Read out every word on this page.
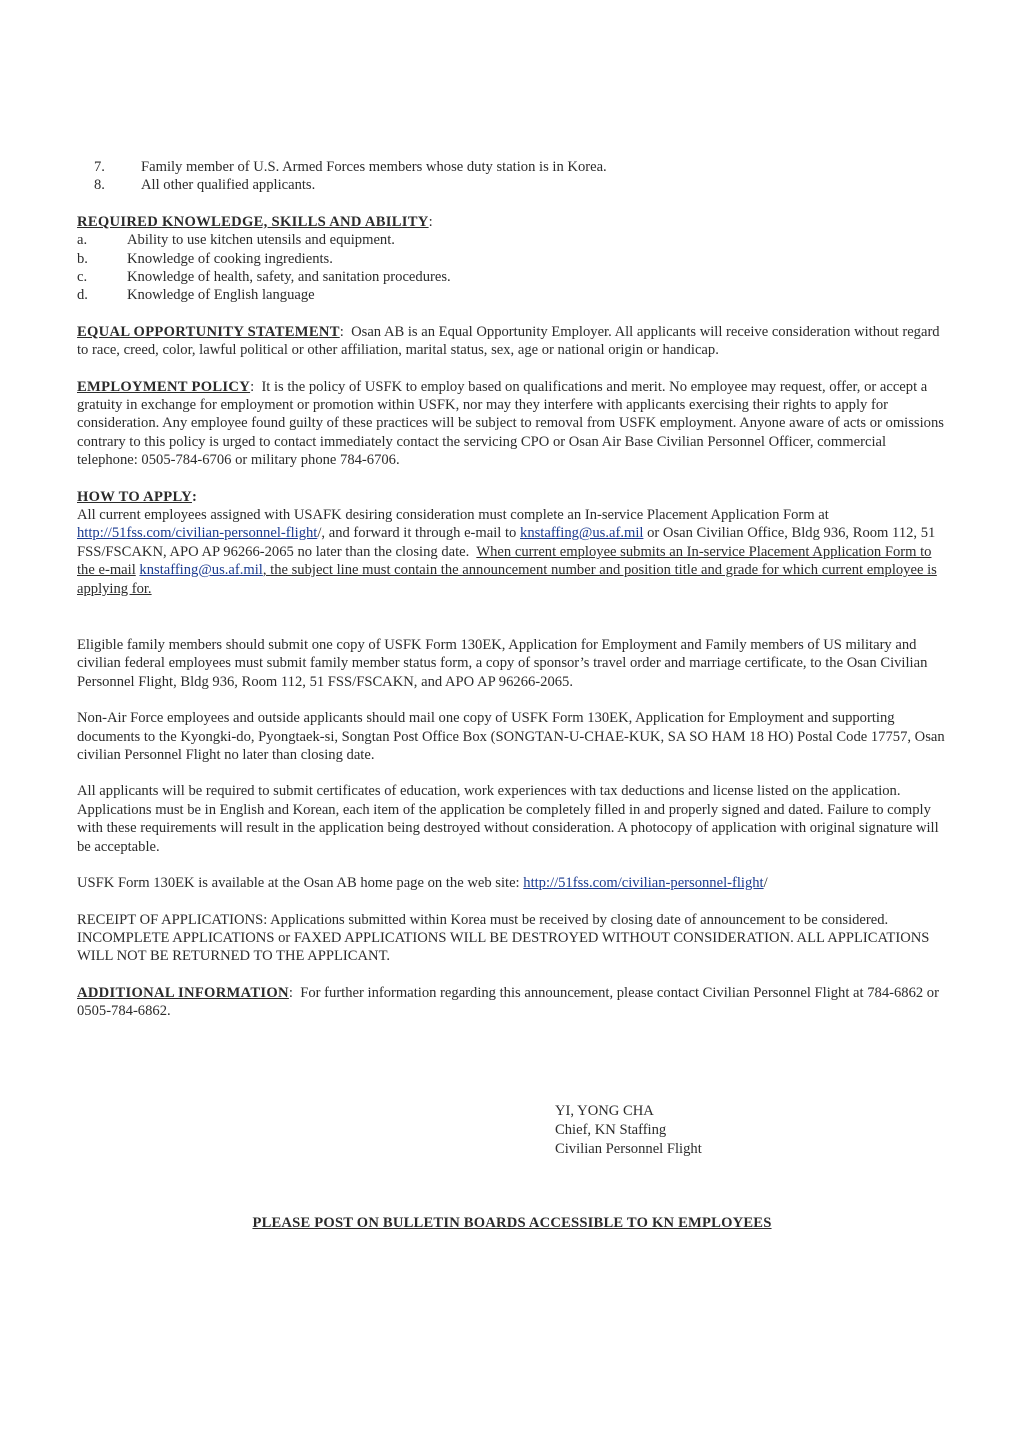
7.	Family member of U.S. Armed Forces members whose duty station is in Korea.
8.	All other qualified applicants.
REQUIRED KNOWLEDGE, SKILLS AND ABILITY:
a.	Ability to use kitchen utensils and equipment.
b.	Knowledge of cooking ingredients.
c.	Knowledge of health, safety, and sanitation procedures.
d.	Knowledge of English language

EQUAL OPPORTUNITY STATEMENT:  Osan AB is an Equal Opportunity Employer. All applicants will receive consideration without regard to race, creed, color, lawful political or other affiliation, marital status, sex, age or national origin or handicap.

EMPLOYMENT POLICY:  It is the policy of USFK to employ based on qualifications and merit. No employee may request, offer, or accept a gratuity in exchange for employment or promotion within USFK, nor may they interfere with applicants exercising their rights to apply for consideration. Any employee found guilty of these practices will be subject to removal from USFK employment. Anyone aware of acts or omissions contrary to this policy is urged to contact immediately contact the servicing CPO or Osan Air Base Civilian Personnel Officer, commercial telephone: 0505-784-6706 or military phone 784-6706.

HOW TO APPLY:

All current employees assigned with USAFK desiring consideration must complete an In-service Placement Application Form at http://51fss.com/civilian-personnel-flight/, and forward it through e-mail to knstaffing@us.af.mil or Osan Civilian Office, Bldg 936, Room 112, 51 FSS/FSCAKN, APO AP 96266-2065 no later than the closing date. When current employee submits an In-service Placement Application Form to the e-mail knstaffing@us.af.mil, the subject line must contain the announcement number and position title and grade for which current employee is applying for.

Eligible family members should submit one copy of USFK Form 130EK, Application for Employment and Family members of US military and civilian federal employees must submit family member status form, a copy of sponsor’s travel order and marriage certificate, to the Osan Civilian Personnel Flight, Bldg 936, Room 112, 51 FSS/FSCAKN, and APO AP 96266-2065.

Non-Air Force employees and outside applicants should mail one copy of USFK Form 130EK, Application for Employment and supporting documents to the Kyongki-do, Pyongtaek-si, Songtan Post Office Box (SONGTAN-U-CHAE-KUK, SA SO HAM 18 HO) Postal Code 17757, Osan civilian Personnel Flight no later than closing date.

All applicants will be required to submit certificates of education, work experiences with tax deductions and license listed on the application. Applications must be in English and Korean, each item of the application be completely filled in and properly signed and dated. Failure to comply with these requirements will result in the application being destroyed without consideration. A photocopy of application with original signature will be acceptable.

USFK Form 130EK is available at the Osan AB home page on the web site: http://51fss.com/civilian-personnel-flight/

RECEIPT OF APPLICATIONS: Applications submitted within Korea must be received by closing date of announcement to be considered. INCOMPLETE APPLICATIONS or FAXED APPLICATIONS WILL BE DESTROYED WITHOUT CONSIDERATION. ALL APPLICATIONS WILL NOT BE RETURNED TO THE APPLICANT.

ADDITIONAL INFORMATION:  For further information regarding this announcement, please contact Civilian Personnel Flight at 784-6862 or 0505-784-6862.

YI, YONG CHA
Chief, KN Staffing
Civilian Personnel Flight
PLEASE POST ON BULLETIN BOARDS ACCESSIBLE TO KN EMPLOYEES
